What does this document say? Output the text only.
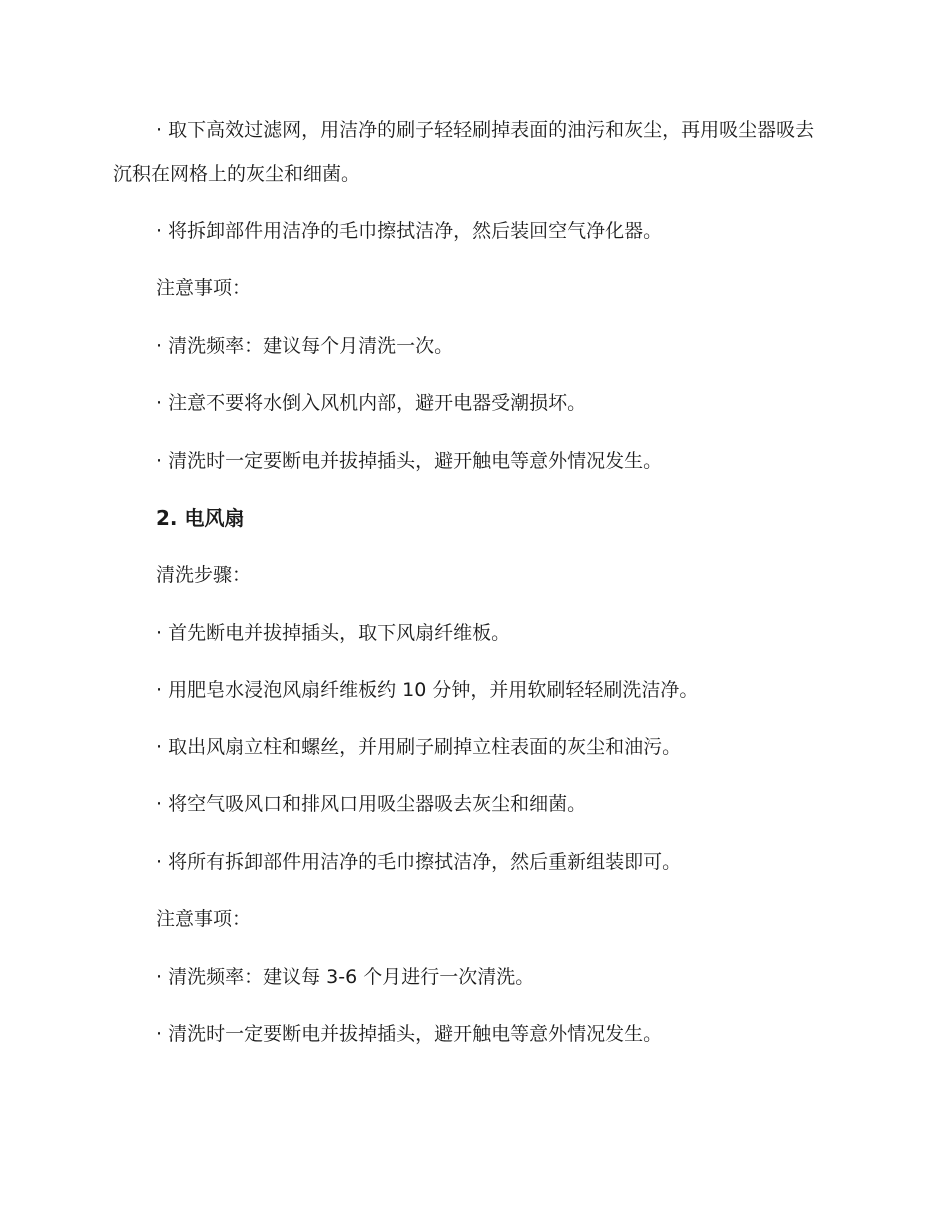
· 取下高效过滤网，用洁净的刷子轻轻刷掉表面的油污和灰尘，再用吸尘器吸去沉积在网格上的灰尘和细菌。
· 将拆卸部件用洁净的毛巾擦拭洁净，然后装回空气净化器。
注意事项：
· 清洗频率：建议每个月清洗一次。
· 注意不要将水倒入风机内部，避开电器受潮损坏。
· 清洗时一定要断电并拔掉插头，避开触电等意外情况发生。
2. 电风扇
清洗步骤：
· 首先断电并拔掉插头，取下风扇纤维板。
· 用肥皂水浸泡风扇纤维板约 10 分钟，并用软刷轻轻刷洗洁净。
· 取出风扇立柱和螺丝，并用刷子刷掉立柱表面的灰尘和油污。
· 将空气吸风口和排风口用吸尘器吸去灰尘和细菌。
· 将所有拆卸部件用洁净的毛巾擦拭洁净，然后重新组装即可。
注意事项：
· 清洗频率：建议每 3-6 个月进行一次清洗。
· 清洗时一定要断电并拔掉插头，避开触电等意外情况发生。
